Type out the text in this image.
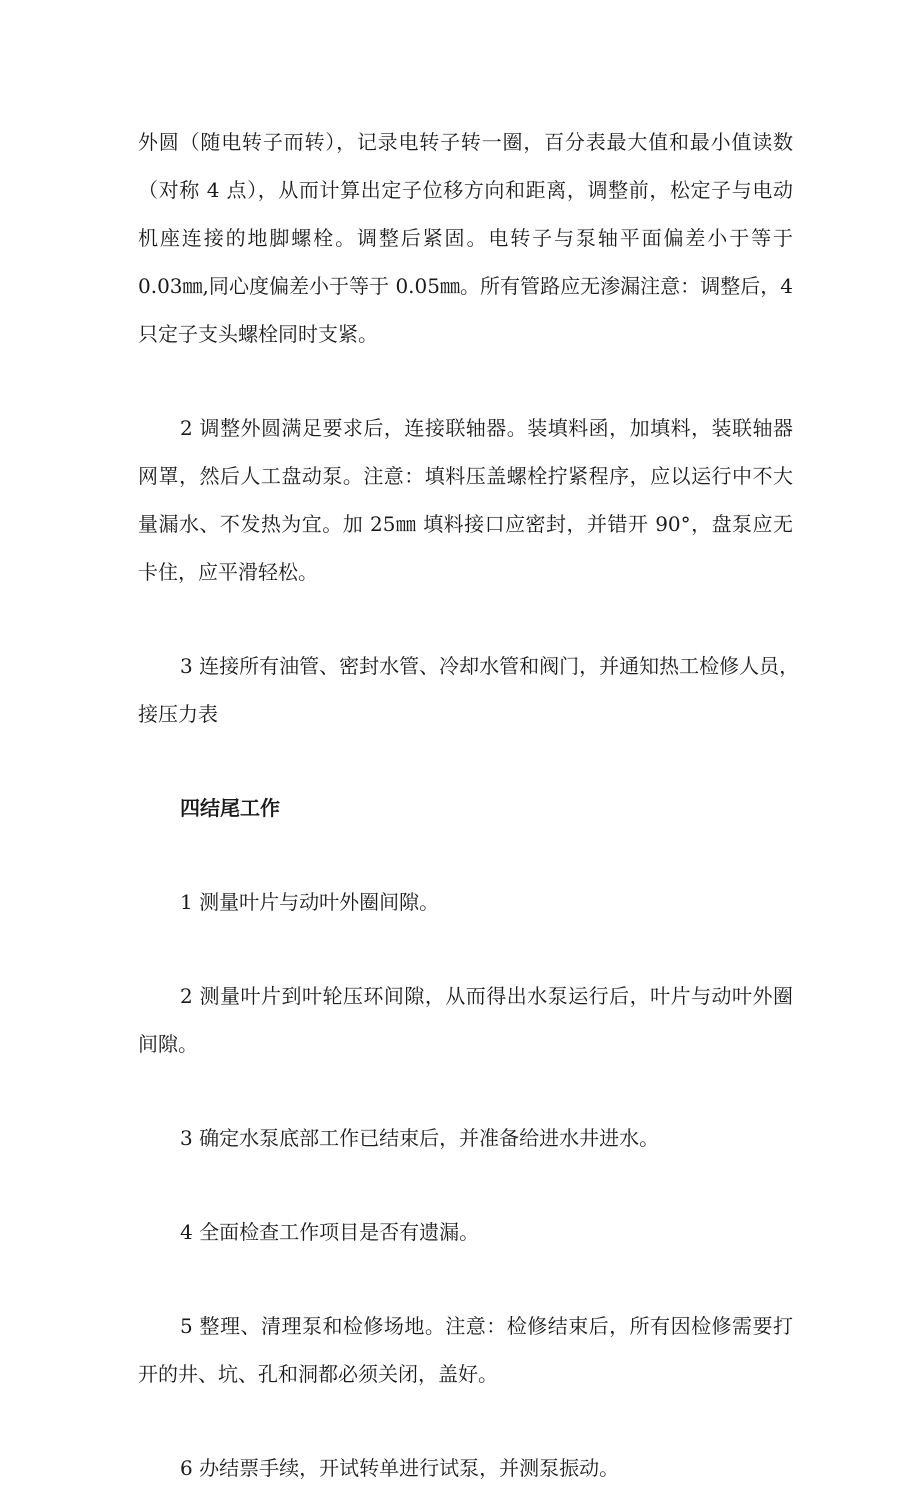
外圆（随电转子而转），记录电转子转一圈，百分表最大值和最小值读数
（对称 4 点），从而计算出定子位移方向和距离，调整前，松定子与电动
机座连接的地脚螺栓。调整后紧固。电转子与泵轴平面偏差小于等于
0.03㎜,同心度偏差小于等于 0.05㎜。所有管路应无渗漏注意：调整后，4
只定子支头螺栓同时支紧。
2 调整外圆满足要求后，连接联轴器。装填料函，加填料，装联轴器
网罩，然后人工盘动泵。注意：填料压盖螺栓拧紧程序，应以运行中不大
量漏水、不发热为宜。加 25㎜ 填料接口应密封，并错开 90°，盘泵应无
卡住，应平滑轻松。
3 连接所有油管、密封水管、冷却水管和阀门，并通知热工检修人员，
接压力表
四结尾工作
1 测量叶片与动叶外圈间隙。
2 测量叶片到叶轮压环间隙，从而得出水泵运行后，叶片与动叶外圈
间隙。
3 确定水泵底部工作已结束后，并准备给进水井进水。
4 全面检查工作项目是否有遗漏。
5 整理、清理泵和检修场地。注意：检修结束后，所有因检修需要打
开的井、坑、孔和洞都必须关闭，盖好。
6 办结票手续，开试转单进行试泵，并测泵振动。
